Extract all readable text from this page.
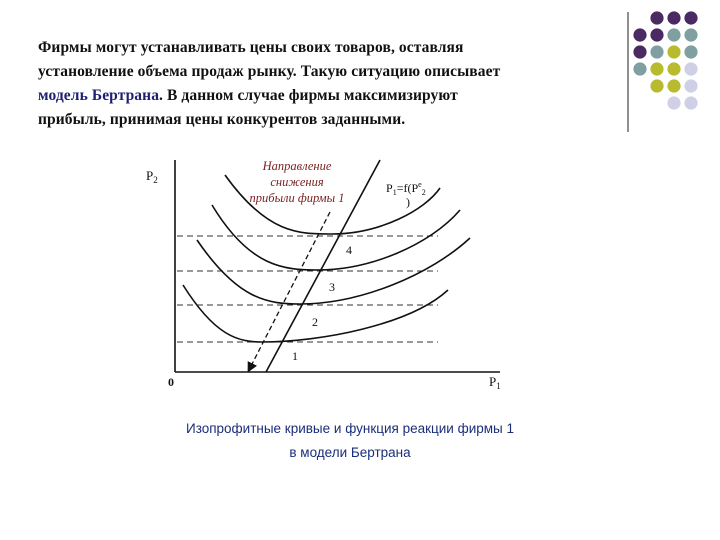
Фирмы могут устанавливать цены своих товаров, оставляя
установление объема продаж рынку. Такую ситуацию описывает
модель Бертрана. В данном случае фирмы максимизируют
прибыль, принимая цены конкурентов заданными.
$P_2$
0	$P_1$
Направление
снижения
прибыли фирмы 1
$P_1=f(P^e_2$
)
4
3
2
1
Изопрофитные кривые и функция реакции фирмы 1
в модели Бертрана
